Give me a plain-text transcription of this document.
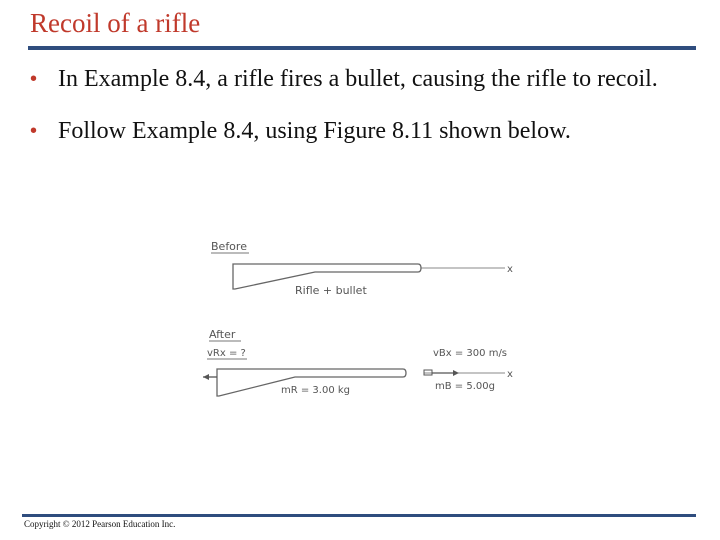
Recoil of a rifle
• In Example 8.4, a rifle fires a bullet, causing the rifle to recoil.
• Follow Example 8.4, using Figure 8.11 shown below.
Before
x
Rifle + bullet
After
vRx = ?
mR = 3.00 kg
vBx = 300 m/s
x
mB = 5.00g
Copyright © 2012 Pearson Education Inc.
